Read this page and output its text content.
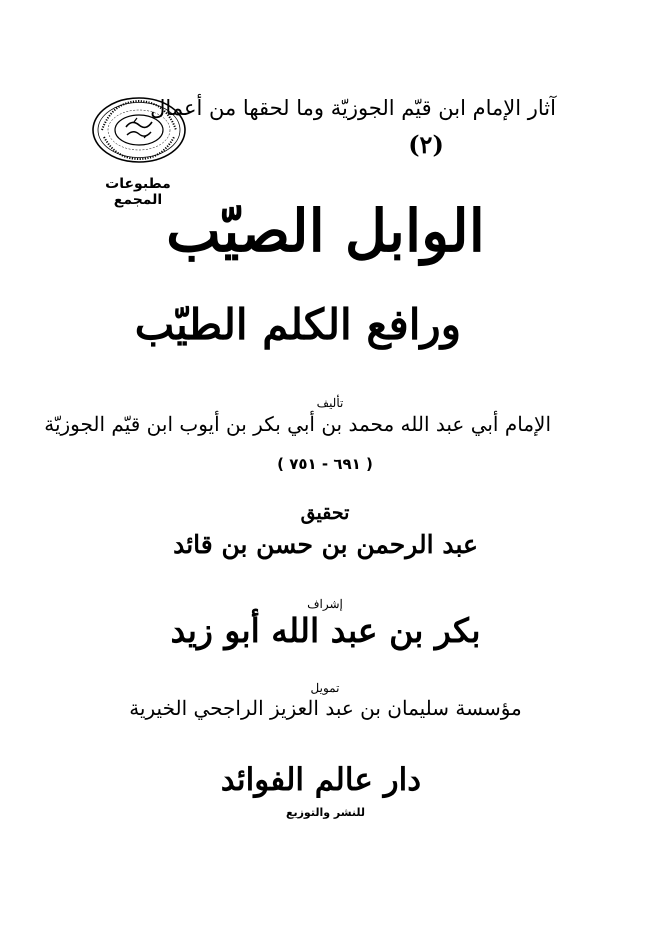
آثار الإمام ابن قيّم الجوزيّة وما لحقها من أعمال
(٢)
مطبوعات المجمع الوابل الصيّب
ورافع الكلم الطيّب
تأليف
الإمام أبي عبد الله محمد بن أبي بكر بن أيوب ابن قيّم الجوزيّة
( ٦٩١ - ٧٥١ )
تحقيق
عبد الرحمن بن حسن بن قائد
إشراف
بكر بن عبد الله أبو زيد
تمويل
مؤسسة سليمان بن عبد العزيز الراجحي الخيرية
دار عالم الفوائد
للنشر والتوزيع
